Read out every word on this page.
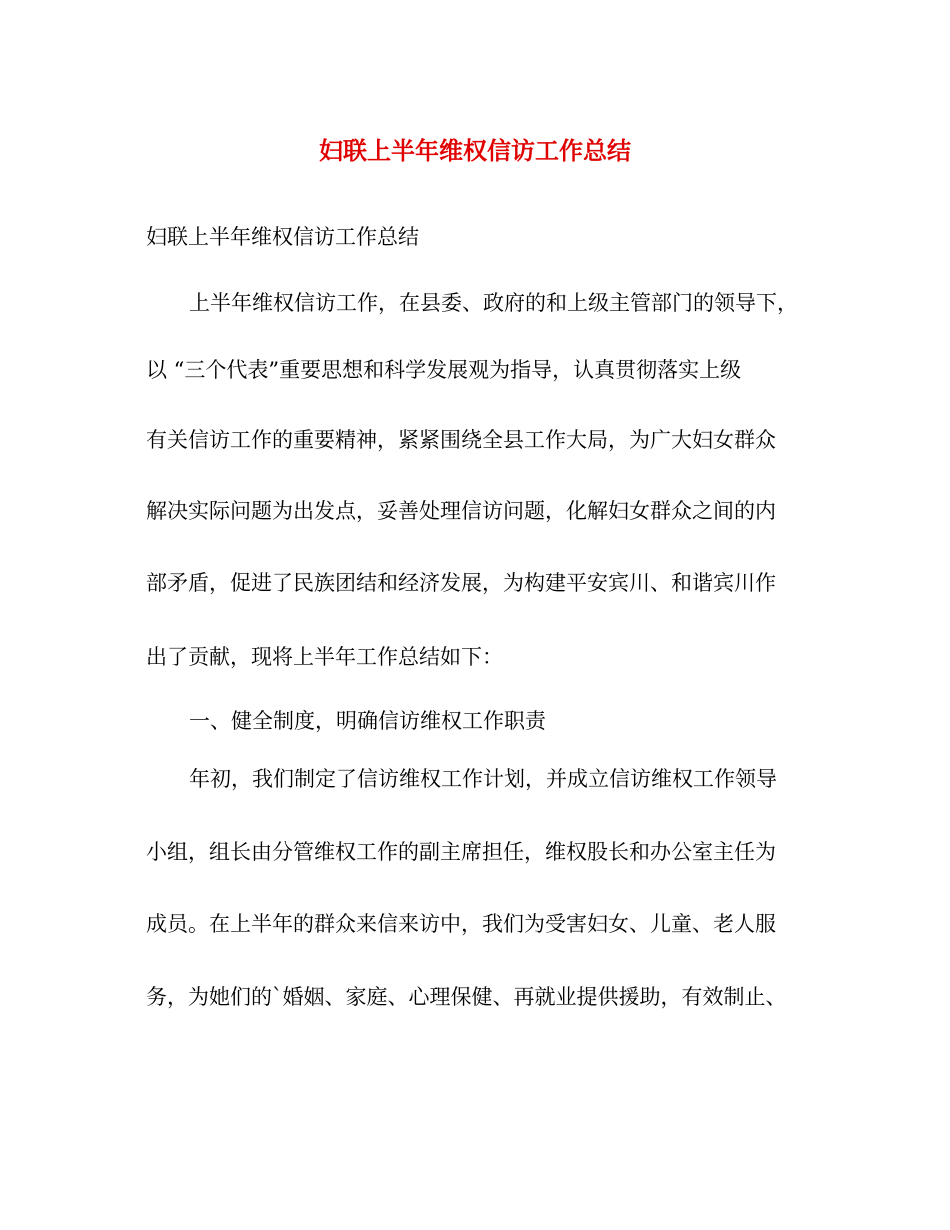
妇联上半年维权信访工作总结
妇联上半年维权信访工作总结
上半年维权信访工作，在县委、政府的和上级主管部门的领导下，
以 “三个代表”重要思想和科学发展观为指导，认真贯彻落实上级
有关信访工作的重要精神，紧紧围绕全县工作大局，为广大妇女群众
解决实际问题为出发点，妥善处理信访问题，化解妇女群众之间的内
部矛盾，促进了民族团结和经济发展，为构建平安宾川、和谐宾川作
出了贡献，现将上半年工作总结如下：
一、健全制度，明确信访维权工作职责
年初，我们制定了信访维权工作计划，并成立信访维权工作领导
小组，组长由分管维权工作的副主席担任，维权股长和办公室主任为
成员。在上半年的群众来信来访中，我们为受害妇女、儿童、老人服
务，为她们的`婚姻、家庭、心理保健、再就业提供援助，有效制止、
